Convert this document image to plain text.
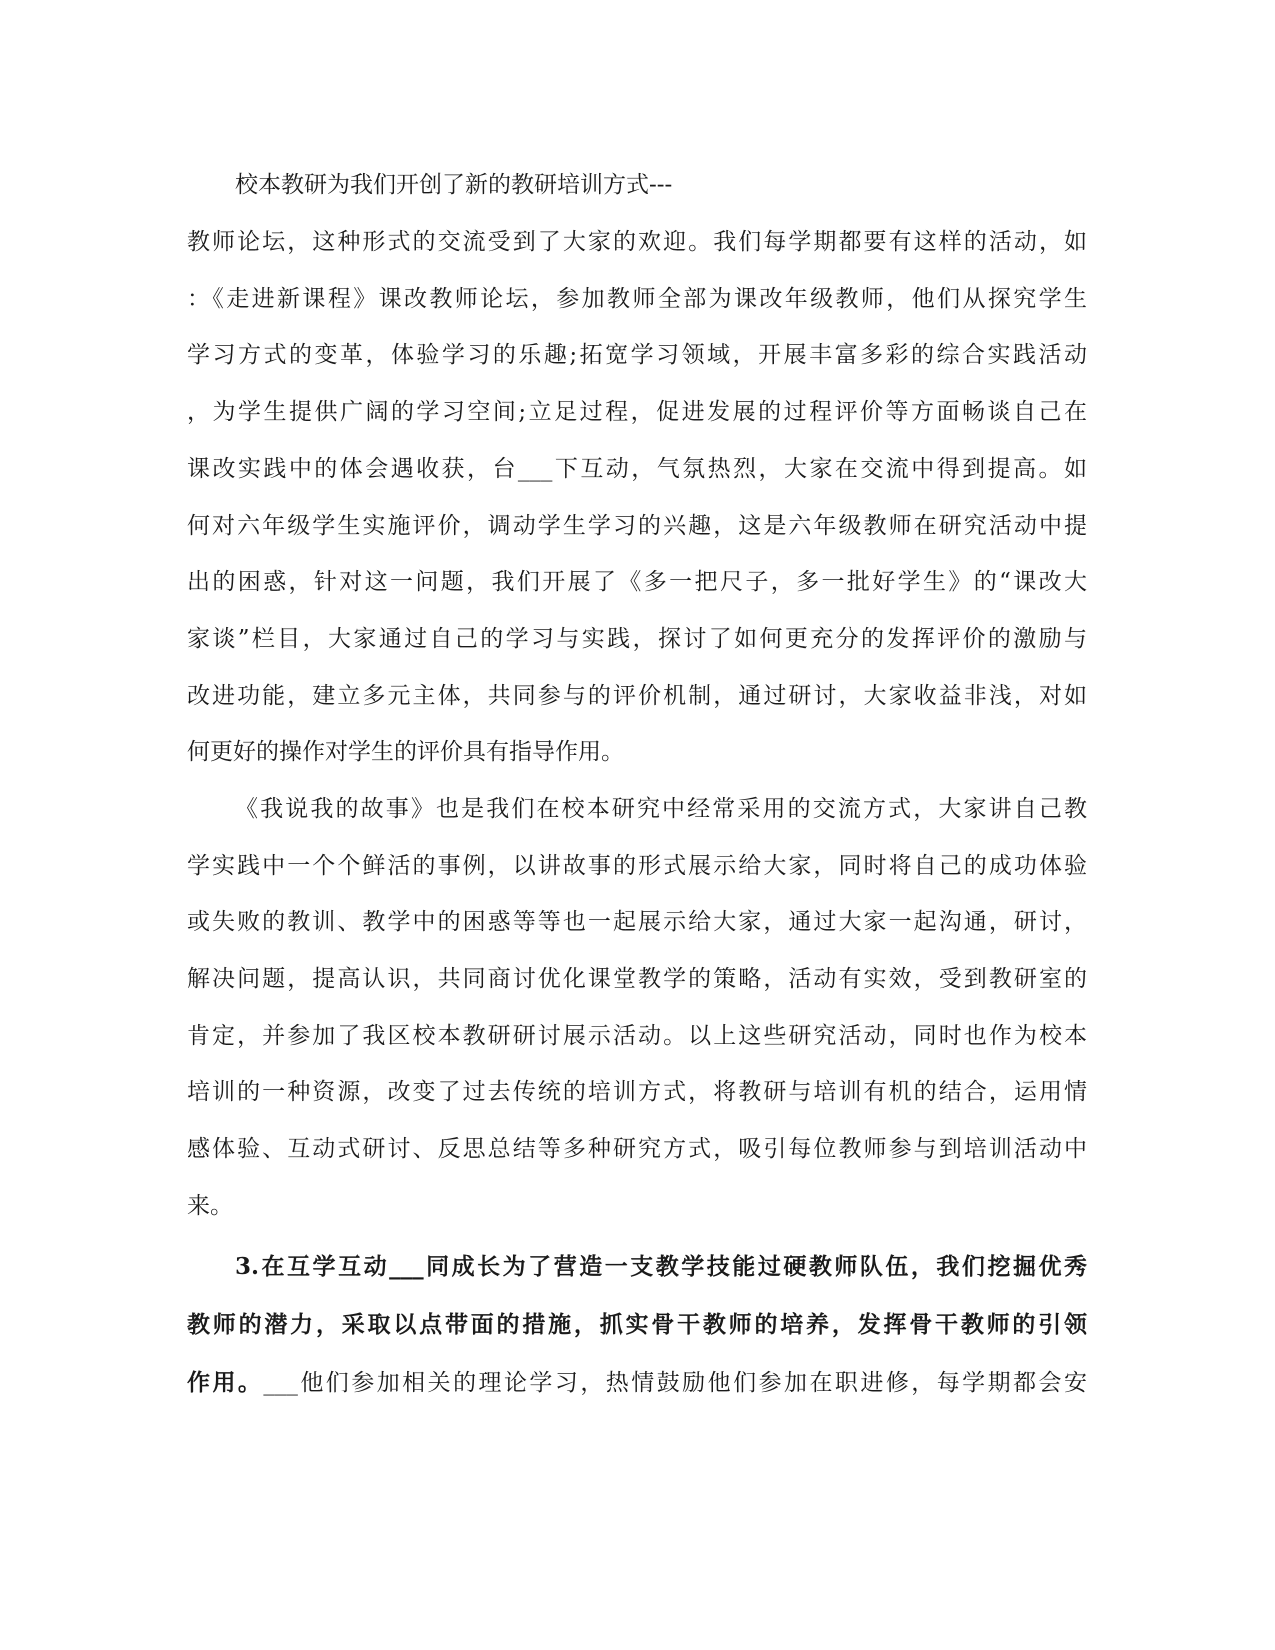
校本教研为我们开创了新的教研培训方式---
教师论坛，这种形式的交流受到了大家的欢迎。我们每学期都要有这样的活动，如
：《走进新课程》课改教师论坛，参加教师全部为课改年级教师，他们从探究学生
学习方式的变革，体验学习的乐趣;拓宽学习领域，开展丰富多彩的综合实践活动
，为学生提供广阔的学习空间;立足过程，促进发展的过程评价等方面畅谈自己在
课改实践中的体会遇收获，台___下互动，气氛热烈，大家在交流中得到提高。如
何对六年级学生实施评价，调动学生学习的兴趣，这是六年级教师在研究活动中提
出的困惑，针对这一问题，我们开展了《多一把尺子，多一批好学生》的“课改大
家谈”栏目，大家通过自己的学习与实践，探讨了如何更充分的发挥评价的激励与
改进功能，建立多元主体，共同参与的评价机制，通过研讨，大家收益非浅，对如
何更好的操作对学生的评价具有指导作用。
《我说我的故事》也是我们在校本研究中经常采用的交流方式，大家讲自己教
学实践中一个个鲜活的事例，以讲故事的形式展示给大家，同时将自己的成功体验
或失败的教训、教学中的困惑等等也一起展示给大家，通过大家一起沟通，研讨，
解决问题，提高认识，共同商讨优化课堂教学的策略，活动有实效，受到教研室的
肯定，并参加了我区校本教研研讨展示活动。以上这些研究活动，同时也作为校本
培训的一种资源，改变了过去传统的培训方式，将教研与培训有机的结合，运用情
感体验、互动式研讨、反思总结等多种研究方式，吸引每位教师参与到培训活动中
来。
3.在互学互动___同成长为了营造一支教学技能过硬教师队伍，我们挖掘优秀
教师的潜力，采取以点带面的措施，抓实骨干教师的培养，发挥骨干教师的引领
作用。___他们参加相关的理论学习，热情鼓励他们参加在职进修，每学期都会安
